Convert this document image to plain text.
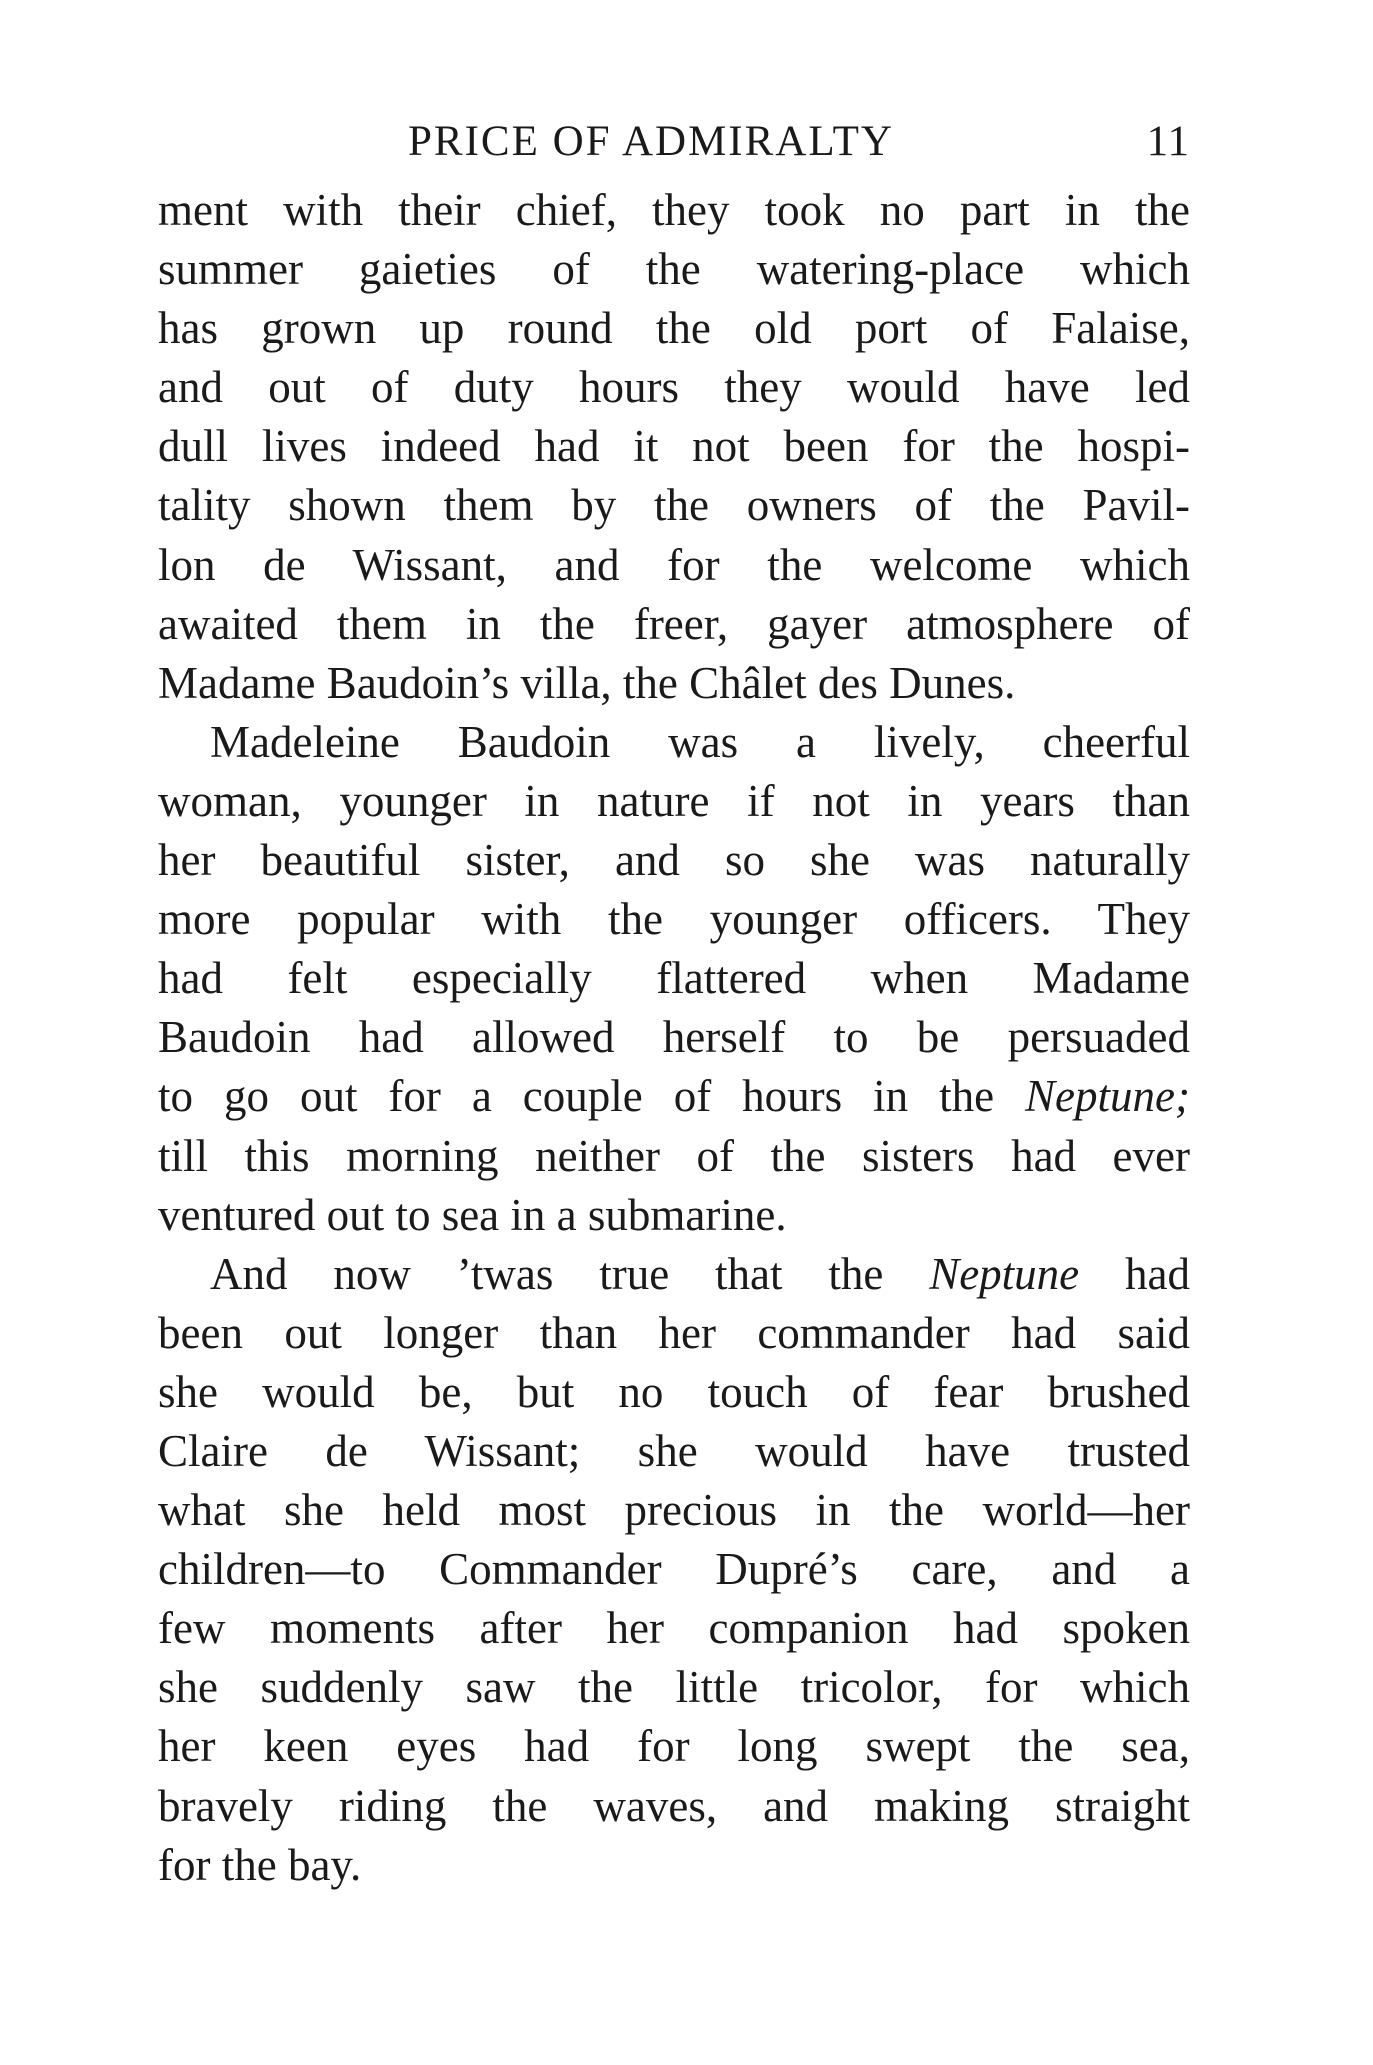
PRICE OF ADMIRALTY	11
ment with their chief, they took no part in the
summer gaieties of the watering-place which
has grown up round the old port of Falaise,
and out of duty hours they would have led
dull lives indeed had it not been for the hospi-
tality shown them by the owners of the Pavil-
lon de Wissant, and for the welcome which
awaited them in the freer, gayer atmosphere of
Madame Baudoin’s villa, the Châlet des Dunes.
Madeleine Baudoin was a lively, cheerful
woman, younger in nature if not in years than
her beautiful sister, and so she was naturally
more popular with the younger officers. They
had felt especially flattered when Madame
Baudoin had allowed herself to be persuaded
to go out for a couple of hours in the Neptune;
till this morning neither of the sisters had ever
ventured out to sea in a submarine.
And now ’twas true that the Neptune had
been out longer than her commander had said
she would be, but no touch of fear brushed
Claire de Wissant; she would have trusted
what she held most precious in the world—her
children—to Commander Dupré’s care, and a
few moments after her companion had spoken
she suddenly saw the little tricolor, for which
her keen eyes had for long swept the sea,
bravely riding the waves, and making straight
for the bay.
